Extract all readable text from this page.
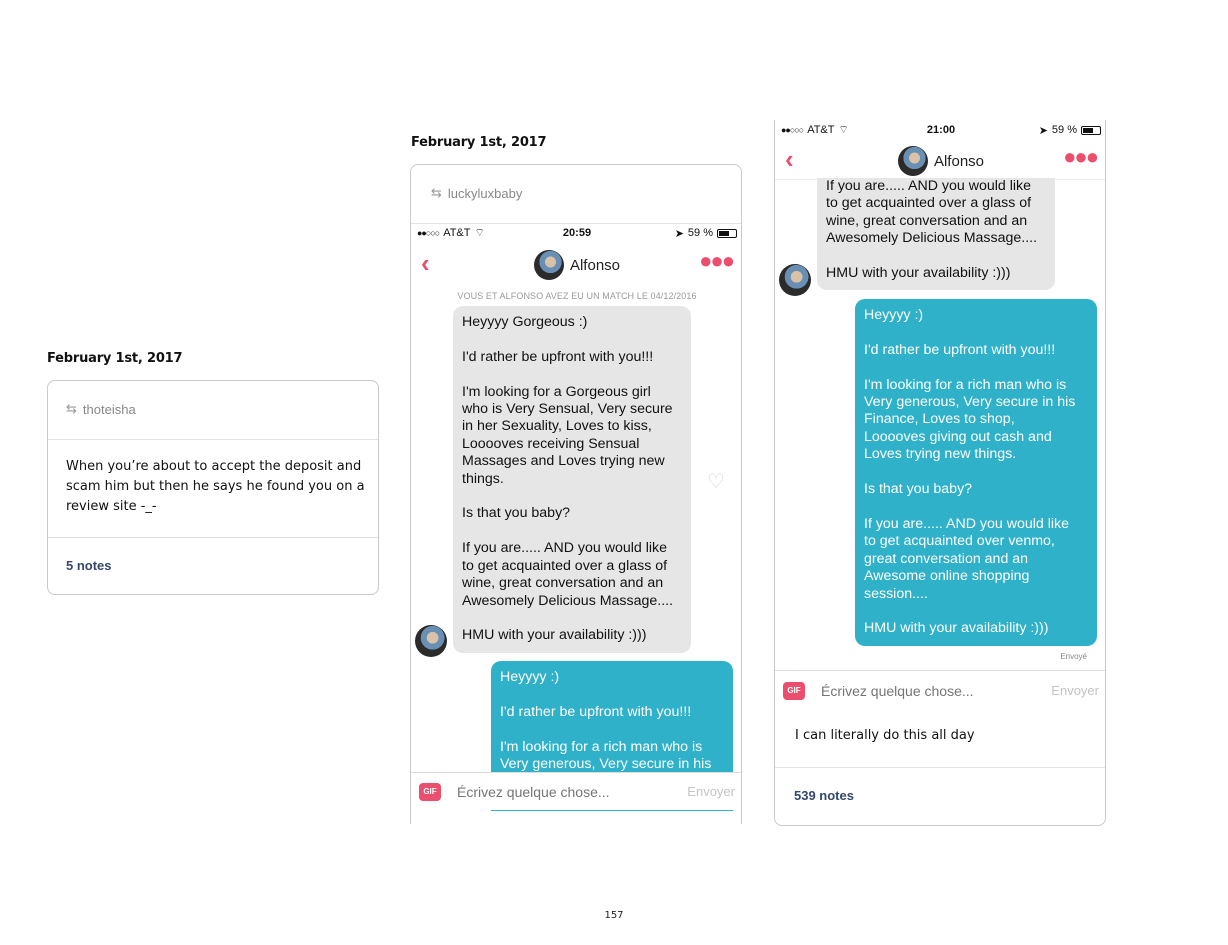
February 1st, 2017
⇆ thoteisha
When you’re about to accept the deposit and scam him but then he says he found you on a review site -_-
5 notes
February 1st, 2017
⇆ luckyluxbaby
●●○○○ AT&T ⌔	20:59	➤ 59 %
‹	Alfonso	●●●
VOUS ET ALFONSO AVEZ EU UN MATCH LE 04/12/2016
Heyyyy Gorgeous :)

I'd rather be upfront with you!!!

I'm looking for a Gorgeous girl
who is Very Sensual, Very secure
in her Sexuality, Loves to kiss,
Looooves receiving Sensual
Massages and Loves trying new
things.

Is that you baby?

If you are..... AND you would like
to get acquainted over a glass of
wine, great conversation and an
Awesomely Delicious Massage....

HMU with your availability :)))
♡
Heyyyy :)

I'd rather be upfront with you!!!

I'm looking for a rich man who is
Very generous, Very secure in his
GIF
Écrivez quelque chose...	Envoyer
●●○○○ AT&T ⌔	21:00	➤ 59 %
‹	Alfonso	●●●
If you are..... AND you would like
to get acquainted over a glass of
wine, great conversation and an
Awesomely Delicious Massage....

HMU with your availability :)))
Heyyyy :)

I'd rather be upfront with you!!!

I'm looking for a rich man who is
Very generous, Very secure in his
Finance, Loves to shop,
Looooves giving out cash and
Loves trying new things.

Is that you baby?

If you are..... AND you would like
to get acquainted over venmo,
great conversation and an
Awesome online shopping
session....

HMU with your availability :)))
Envoyé
GIF
Écrivez quelque chose...	Envoyer
I can literally do this all day
539 notes
157
